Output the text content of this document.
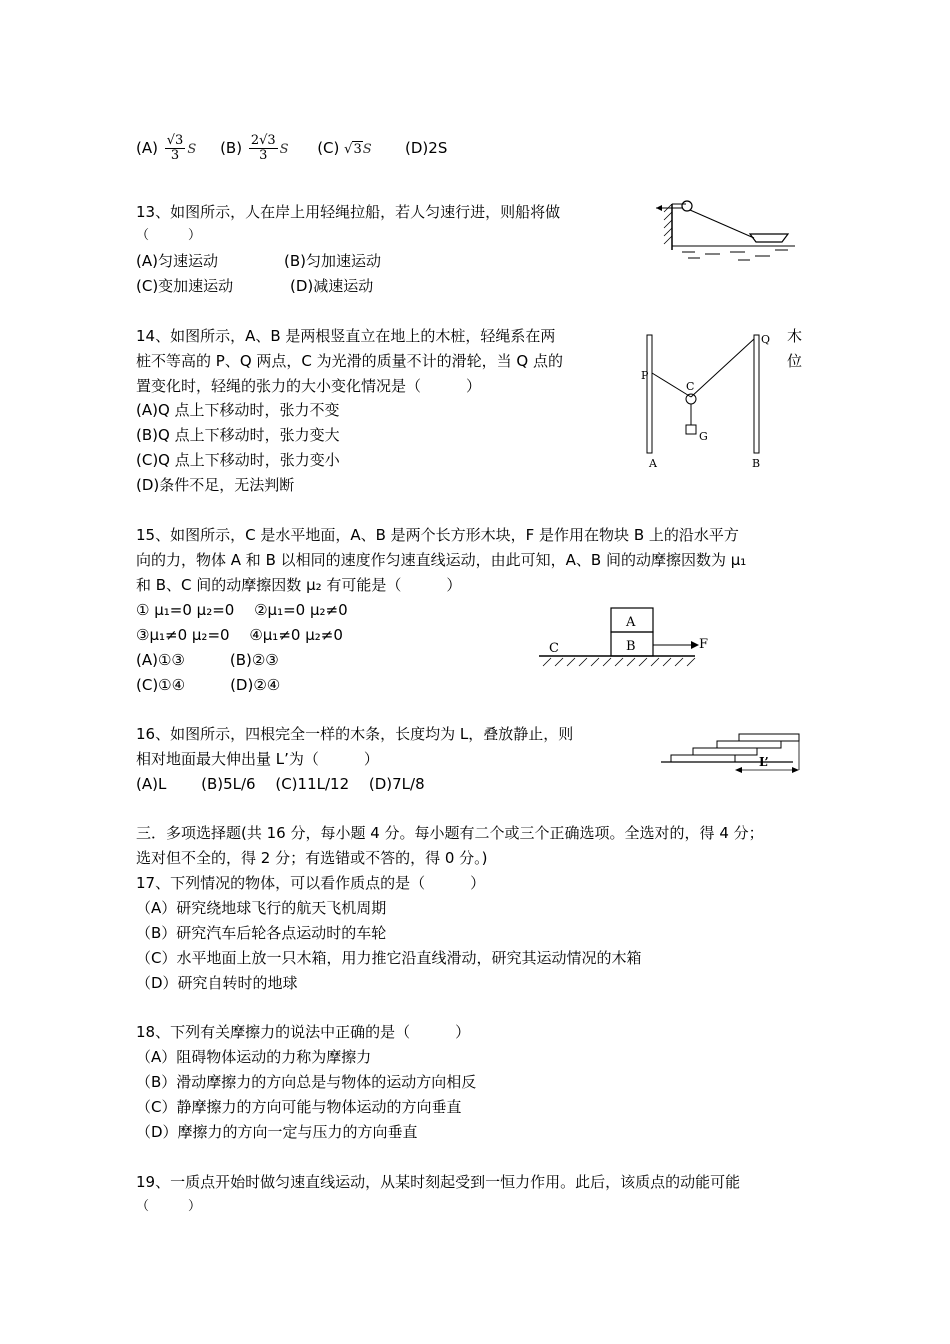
$(A) \frac{√3}{3}$ S $(B) \frac{2√3}{3}$ S (C) √3S (D)2S
13、如图所示，人在岸上用轻绳拉船，若人匀速行进，则船将做
（　　　）
(A)匀速运动	(B)匀加速运动
(C)变加速运动	(D)减速运动
14、如图所示，A、B 是两根竖直立在地上的木桩，轻绳系在两
桩不等高的 P、Q 两点，C 为光滑的质量不计的滑轮，当 Q 点的
置变化时，轻绳的张力的大小变化情况是（　　　）
木
位
(A)Q 点上下移动时，张力不变
(B)Q 点上下移动时，张力变大
(C)Q 点上下移动时，张力变小
(D)条件不足，无法判断
P
Q
C
G
A	B
15、如图所示，C 是水平地面，A、B 是两个长方形木块，F 是作用在物块 B 上的沿水平方
向的力，物体 A 和 B 以相同的速度作匀速直线运动，由此可知，A、B 间的动摩擦因数为 μ₁
和 B、C 间的动摩擦因数 μ₂ 有可能是（　　　）
① μ₁=0 μ₂=0　 ②μ₁=0 μ₂≠0
③μ₁≠0 μ₂=0　 ④μ₁≠0 μ₂≠0
(A)①③　　　(B)②③
(C)①④　　　(D)②④
A
B
C	F
16、如图所示，四根完全一样的木条，长度均为 L，叠放静止，则
相对地面最大伸出量 L’为（　　　）
(A)L　　 (B)5L/6　 (C)11L/12　 (D)7L/8
L’
三．多项选择题(共 16 分，每小题 4 分。每小题有二个或三个正确选项。全选对的，得 4 分；
选对但不全的，得 2 分；有选错或不答的，得 0 分。)
17、下列情况的物体，可以看作质点的是（　　　）
（A）研究绕地球飞行的航天飞机周期
（B）研究汽车后轮各点运动时的车轮
（C）水平地面上放一只木箱，用力推它沿直线滑动，研究其运动情况的木箱
（D）研究自转时的地球
18、下列有关摩擦力的说法中正确的是（　　　）
（A）阻碍物体运动的力称为摩擦力
（B）滑动摩擦力的方向总是与物体的运动方向相反
（C）静摩擦力的方向可能与物体运动的方向垂直
（D）摩擦力的方向一定与压力的方向垂直
19、一质点开始时做匀速直线运动，从某时刻起受到一恒力作用。此后，该质点的动能可能
（　　　）
